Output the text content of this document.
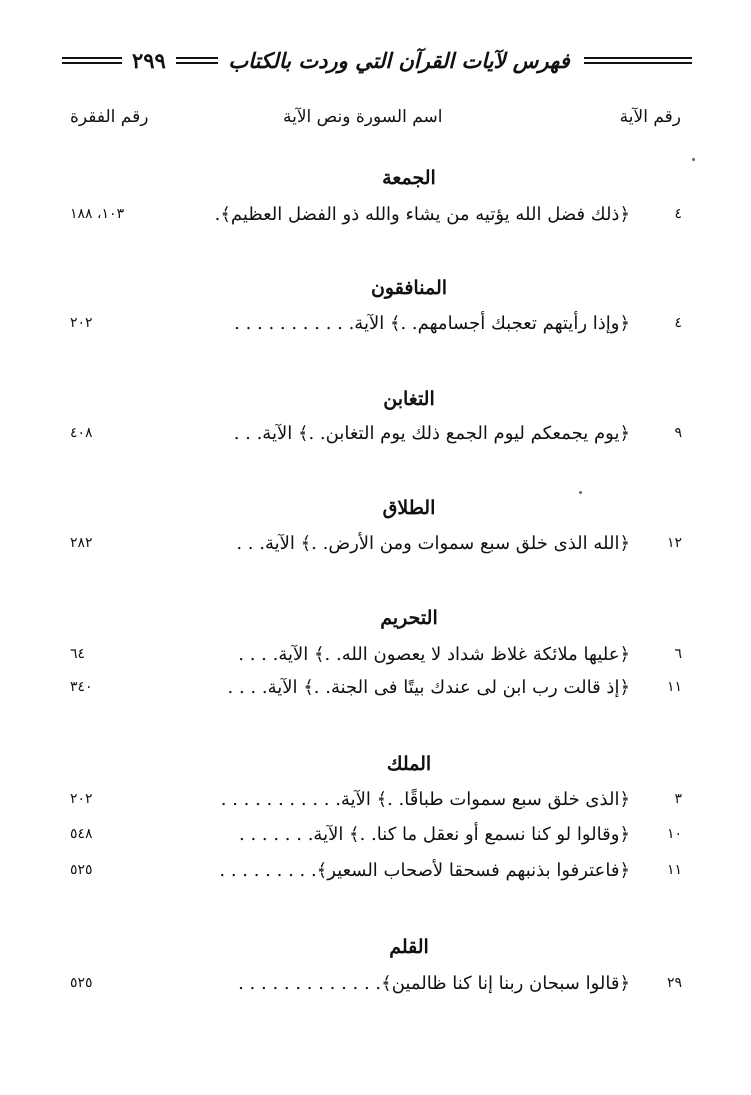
فهرس لآيات القرآن التي وردت بالكتاب
٢٩٩
رقم الآية
اسم السورة ونص الآية
رقم الفقرة
الجمعة
٤
﴿ذلك فضل الله يؤتيه من يشاء والله ذو الفضل العظيم﴾.
١٠٣، ١٨٨
المنافقون
٤
﴿وإذا رأيتهم تعجبك أجسامهم. .﴾ الآية. . . . . . . . . . .
٢٠٢
التغابن
٩
﴿يوم يجمعكم ليوم الجمع ذلك يوم التغابن. .﴾ الآية. . .
٤٠٨
الطلاق
١٢
﴿الله الذى خلق سبع سموات ومن الأرض. .﴾ الآية. . .
٢٨٢
التحريم
٦
﴿عليها ملائكة غلاظ شداد لا يعصون الله. .﴾ الآية. . . .
٦٤
١١
﴿إذ قالت رب ابن لى عندك بيتًا فى الجنة. .﴾ الآية. . . .
٣٤٠
الملك
٣
﴿الذى خلق سبع سموات طباقًا. .﴾ الآية. . . . . . . . . . .
٢٠٢
١٠
﴿وقالوا لو كنا نسمع أو نعقل ما كنا. .﴾ الآية. . . . . . .
٥٤٨
١١
﴿فاعترفوا بذنبهم فسحقا لأصحاب السعير﴾. . . . . . . . .
٥٢٥
القلم
٢٩
﴿قالوا سبحان ربنا إنا كنا ظالمين﴾. . . . . . . . . . . . .
٥٢٥
